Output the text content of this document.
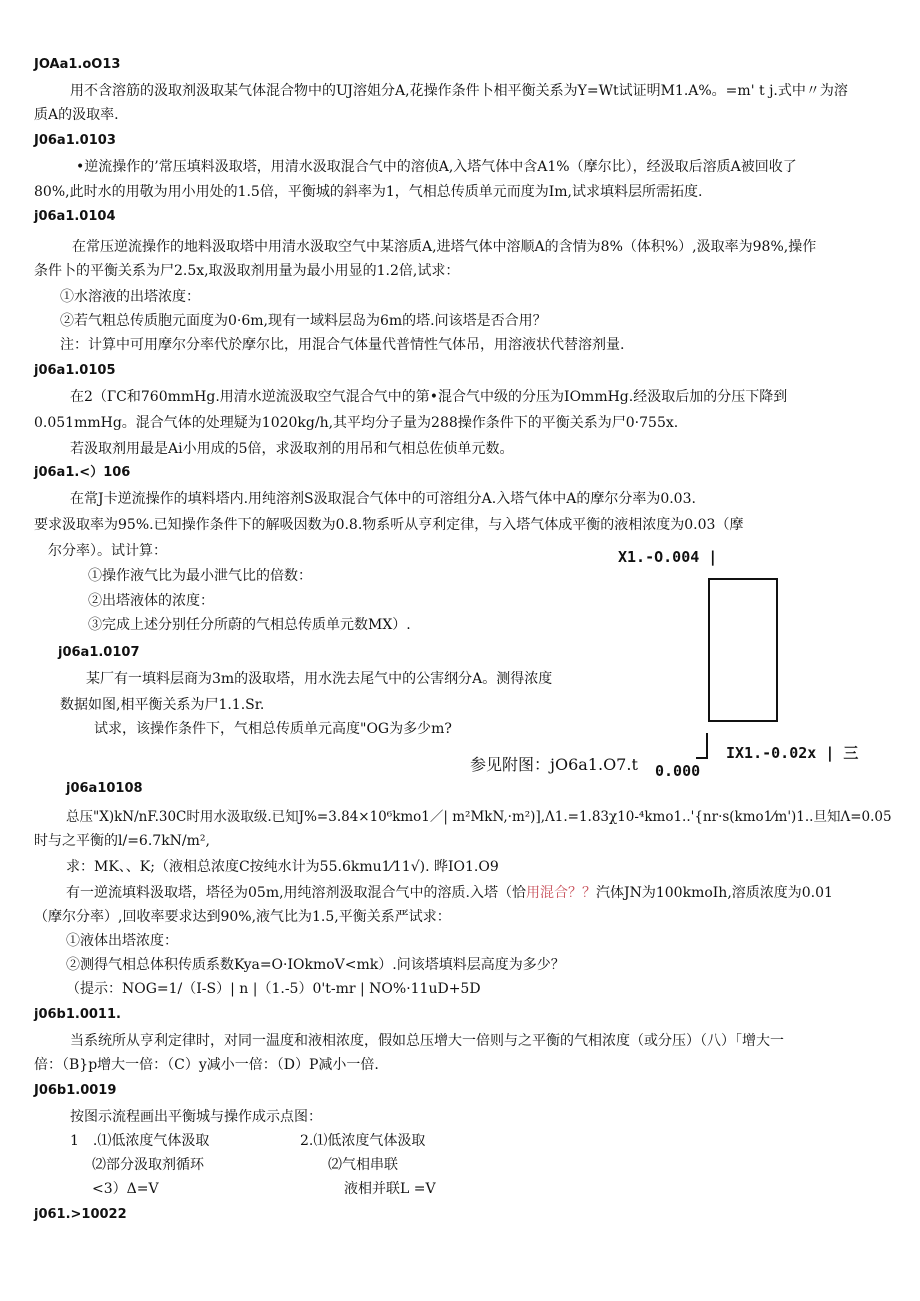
JOAa1.oO13
用不含溶筋的汲取剂汲取某气体混合物中的UJ溶姐分A,花操作条件卜相平衡关系为Y=Wt试证明M1.A%。=m' t j.式中〃为溶
质A的汲取率.
J06a1.0103
•逆流操作的’常压填料汲取塔，用清水汲取混合气中的溶侦A,入塔气体中含A1%（摩尔比），经汲取后溶质A被回收了
80%,此时水的用敬为用小用处的1.5倍，平衡城的斜率为1，气相总传质单元而度为Im,试求填料层所需拓度.
j06a1.0104
在常压逆流操作的地料汲取塔中用清水汲取空气中某溶质A,进塔气体中溶顺A的含情为8%（体积%）,汲取率为98%,操作
条件卜的平衡关系为尸2.5x,取汲取剂用量为最小用显的1.2倍,试求：
①水溶液的出塔浓度：
②若气粗总传质胞元面度为0·6m,现有一域料层岛为6m的塔.问该塔是否合用？
注：计算中可用摩尔分率代於摩尔比，用混合气体量代普情性气体吊，用溶液状代替溶剂量.
j06a1.0105
在2（ГC和760mmHg.用清水逆流汲取空气混合气中的第•混合气中级的分压为IOmmHg.经汲取后加的分压下降到
0.051mmHg。混合气体的处理疑为1020kg/h,其平均分子量为288操作条件下的平衡关系为尸0·755x.
若汲取剂用最是Ai小用成的5倍，求汲取剂的用吊和气相总佐侦单元数。
j06a1.<）106
在常J卡逆流操作的填料塔内.用纯溶剂S汲取混合气体中的可溶组分A.入塔气体中A的摩尔分率为0.03.
要求汲取率为95%.已知操作条件下的解吸因数为0.8.物系听从亨利定律，与入塔气体成平衡的液相浓度为0.03（摩
尔分率）。试计算：
①操作液气比为最小泄气比的倍数：
②出塔液体的浓度：
③完成上述分别任分所蔚的气相总传质单元数MX）.
j06a1.0107
某厂有一填料层商为3m的汲取塔，用水洗去尾气中的公害纲分A。测得浓度
数据如图,相平衡关系为尸1.1.Sr.
试求，该操作条件下，气相总传质单元高度"OG为多少m?
X1.-O.004 |
IX1.-0.02x | 三
参见附图：jO6a1.O7.t 0.000
j06a10108
总压"X)kN/nF.30C时用水汲取级.已知J%=3.84×10⁶kmo1／| m²MkN,·m²)],Λ1.=1.83χ10-⁴kmo1..'{nr·s(kmo1⁄m')1..旦知Λ=0.05
时与之平衡的l/=6.7kN/m²,
求：MΚ、、Κ;（液相总浓度C按纯水计为55.6kmu1⁄11√). 晔IO1.O9
有一逆流填料汲取塔，塔径为05m,用纯溶剂汲取混合气中的溶质.入塔（恰用混合？？汽体JN为100kmoIh,溶质浓度为0.01
（摩尔分率）,回收率要求达到90%,液气比为1.5,平衡关系严试求：
①液体出塔浓度：
②测得气相总体积传质系数Kya=O·IOkmoV<mk）.问该塔填料层高度为多少？
（提示：NOG=1/（I-S）| n |（1.-5）0't-mr | NO%·11uD+5D
j06b1.0011.
当系统所从亨利定律时，对同一温度和液相浓度，假如总压增大一倍则与之平衡的气相浓度（或分压）（八）「增大一
倍：（B}p增大一倍：（C）y减小一倍：（D）P减小一倍.
J06b1.0019
按图示流程画出平衡城与操作成示点图：
1　.⑴低浓度气体汲取	2.⑴低浓度气体汲取
⑵部分汲取剂循环	⑵气相串联
<3）Δ=V	液相并联L =V
j061.>10022
